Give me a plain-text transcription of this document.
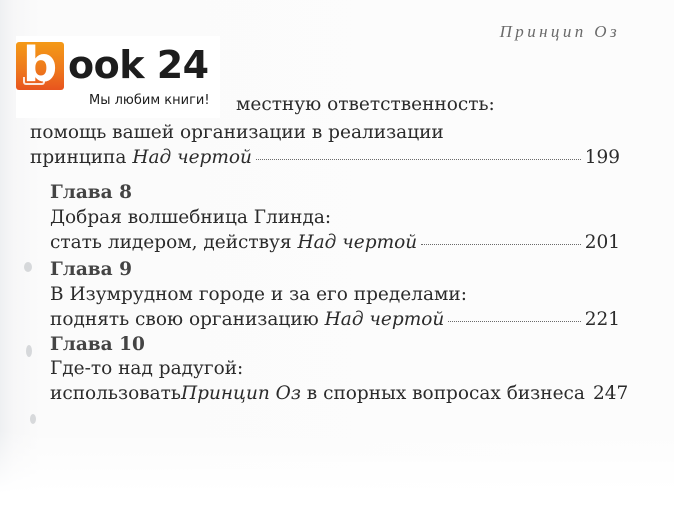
Принцип Оз
местную ответственность:
помощь вашей организации в реализации
принципа
Над чертой	199
Глава 8
Добрая волшебница Глинда:
стать лидером, действуя
Над чертой	201
Глава 9
В Изумрудном городе и за его пределами:
поднять свою организацию
Над чертой	221
Глава 10
Где-то над радугой:
использовать Принцип Оз в спорных вопросах бизнеса 247
b ook 24
Мы любим книги!
